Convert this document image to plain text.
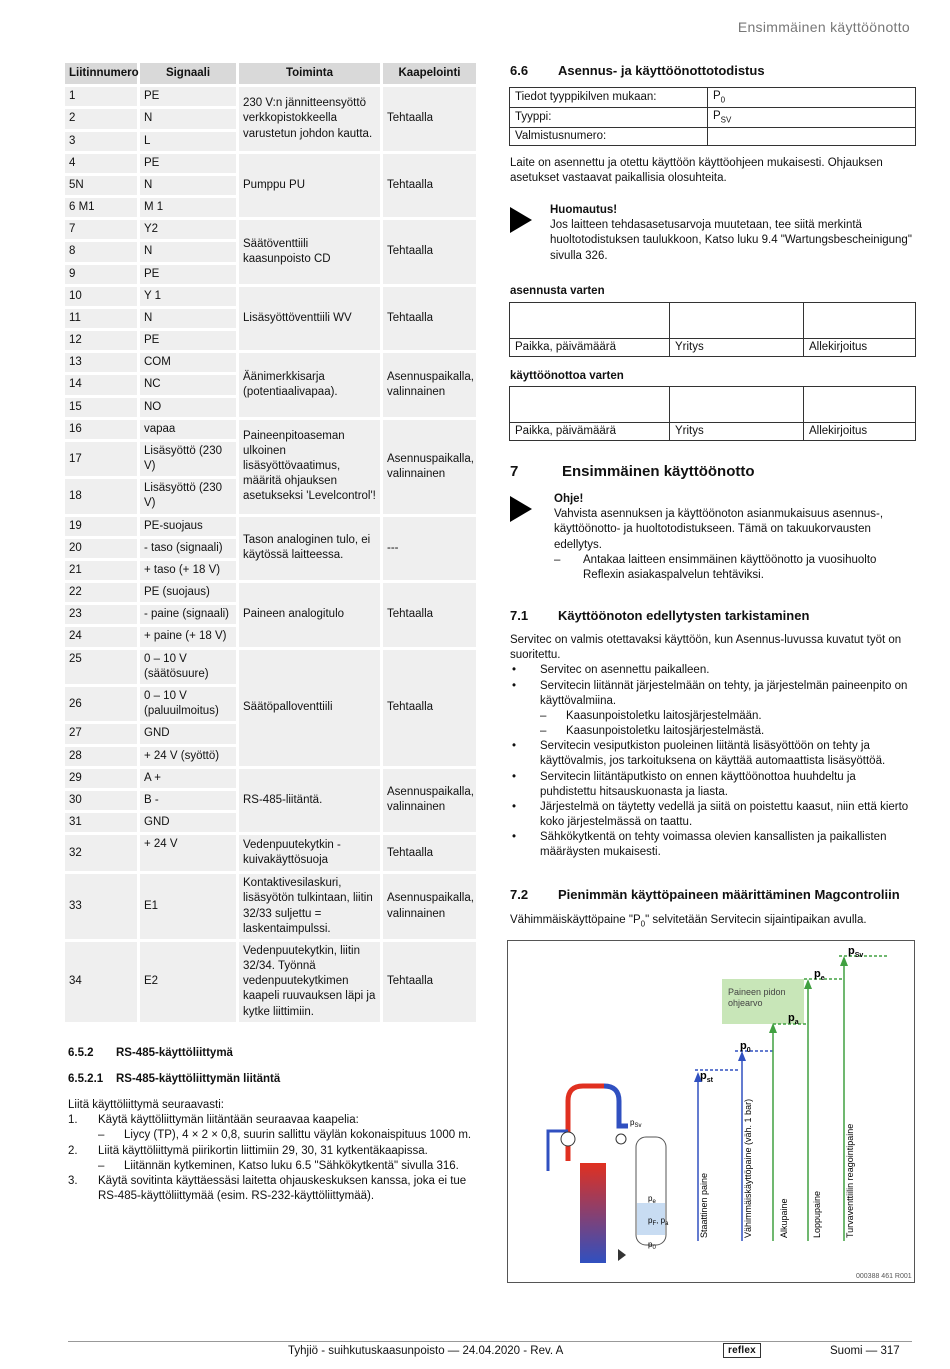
Ensimmäinen käyttöönotto
Liitinnumero	Signaali	Toiminta	Kaapelointi
1	PE	230 V:n jännitteensyöttö verkkopistokkeella varustetun johdon kautta.	Tehtaalla
2	N		
3	L		
4	PE	Pumppu PU	Tehtaalla
5N	N		
6 M1	M 1		
7	Y2	Säätöventtiili kaasunpoisto CD	Tehtaalla
8	N		
9	PE		
10	Y 1	Lisäsyöttöventtiili WV	Tehtaalla
11	N		
12	PE		
13	COM	Äänimerkkisarja (potentiaalivapaa).	Asennuspaikalla, valinnainen
14	NC		
15	NO		
16	vapaa	Paineenpitoaseman ulkoinen lisäsyöttövaatimus, määritä ohjauksen asetukseksi 'Levelcontrol'!	Asennuspaikalla, valinnainen
17	Lisäsyöttö (230 V)		
18	Lisäsyöttö (230 V)		
19	PE-suojaus	Tason analoginen tulo, ei käytössä laitteessa.	---
20	- taso (signaali)		
21	+ taso (+ 18 V)		
22	PE (suojaus)	Paineen analogitulo	Tehtaalla
23	- paine (signaali)		
24	+ paine (+ 18 V)		
25	0 – 10 V (säätösuure)	Säätöpalloventtiili	Tehtaalla
26	0 – 10 V (paluuilmoitus)		
27	GND		
28	+ 24 V (syöttö)		
29	A +	RS-485-liitäntä.	Asennuspaikalla, valinnainen
30	B -		
31	GND		
32	+ 24 V	Vedenpuutekytkin - kuivakäyttösuoja	Tehtaalla
33	E1	Kontaktivesilaskuri, lisäsyötön tulkintaan, liitin 32/33 suljettu = laskentaimpulssi.	Asennuspaikalla, valinnainen
34	E2	Vedenpuutekytkin, liitin 32/34. Työnnä vedenpuutekytkimen kaapeli ruuvauksen läpi ja kytke liittimiin.	Tehtaalla
6.5.2 RS-485-käyttöliittymä
6.5.2.1 RS-485-käyttöliittymän liitäntä
Liitä käyttöliittymä seuraavasti:
1.	Käytä käyttöliittymän liitäntään seuraavaa kaapelia:
–	Liycy (TP), 4 × 2 × 0,8, suurin sallittu väylän kokonaispituus 1000 m.
2.	Liitä käyttöliittymä piirikortin liittimiin 29, 30, 31 kytkentäkaapissa.
–	Liitännän kytkeminen, Katso luku 6.5 "Sähkökytkentä" sivulla 316.
3.	Käytä sovitinta käyttäessäsi laitetta ohjauskeskuksen kanssa, joka ei tue RS-485-käyttöliittymää (esim. RS-232-käyttöliittymää).
6.6 Asennus- ja käyttöönottotodistus
Tiedot tyyppikilven mukaan:	$P_0$
Tyyppi:	$P_{SV}$
Valmistusnumero:	
Laite on asennettu ja otettu käyttöön käyttöohjeen mukaisesti. Ohjauksen asetukset vastaavat paikallisia olosuhteita.
Huomautus!
Jos laitteen tehdasasetusarvoja muutetaan, tee siitä merkintä huoltotodistuksen taulukkoon, Katso luku 9.4 "Wartungsbescheinigung" sivulla 326.
asennusta varten

Paikka, päivämäärä	Yritys	Allekirjoitus
käyttöönottoa varten

Paikka, päivämäärä	Yritys	Allekirjoitus
7	Ensimmäinen käyttöönotto
Ohje!
Vahvista asennuksen ja käyttöönoton asianmukaisuus asennus-, käyttöönotto- ja huoltotodistukseen. Tämä on takuukorvausten edellytys.
–	Antakaa laitteen ensimmäinen käyttöönotto ja vuosihuolto Reflexin asiakaspalvelun tehtäviksi.
7.1 Käyttöönoton edellytysten tarkistaminen
Servitec on valmis otettavaksi käyttöön, kun Asennus-luvussa kuvatut työt on suoritettu.
•	Servitec on asennettu paikalleen.
•	Servitecin liitännät järjestelmään on tehty, ja järjestelmän paineenpito on käyttövalmiina.
–	Kaasunpoistoletku laitosjärjestelmään.
–	Kaasunpoistoletku laitosjärjestelmästä.
•	Servitecin vesiputkiston puoleinen liitäntä lisäsyöttöön on tehty ja käyttövalmis, jos tarkoituksena on käyttää automaattista lisäsyöttöä.
•	Servitecin liitäntäputkisto on ennen käyttöönottoa huuhdeltu ja puhdistettu hitsauskuonasta ja liasta.
•	Järjestelmä on täytetty vedellä ja siitä on poistettu kaasut, niin että kierto koko järjestelmässä on taattu.
•	Sähkökytkentä on tehty voimassa olevien kansallisten ja paikallisten määräysten mukaisesti.
7.2 Pienimmän käyttöpaineen määrittäminen Magcontroliin
Vähimmäiskäyttöpaine "$P_0$" selvitetään Servitecin sijaintipaikan avulla.
Paineen pidon
ohjearvo
$p_{st}$
$p_0$
$p_a$
$p_e$
$p_{Sv}$
Staattinen paine	Vähimmäiskäyttöpaine (väh. 1 bar)	Alkupaine	Loppupaine	Turvaventtiilin reagointipaine
$p_e$
$p_F$, $p_a$
$p_0$
$p_{Sv}$
000388 461 R001
Tyhjiö - suihkutuskaasunpoisto — 24.04.2020 - Rev. A	reflex	Suomi — 317
